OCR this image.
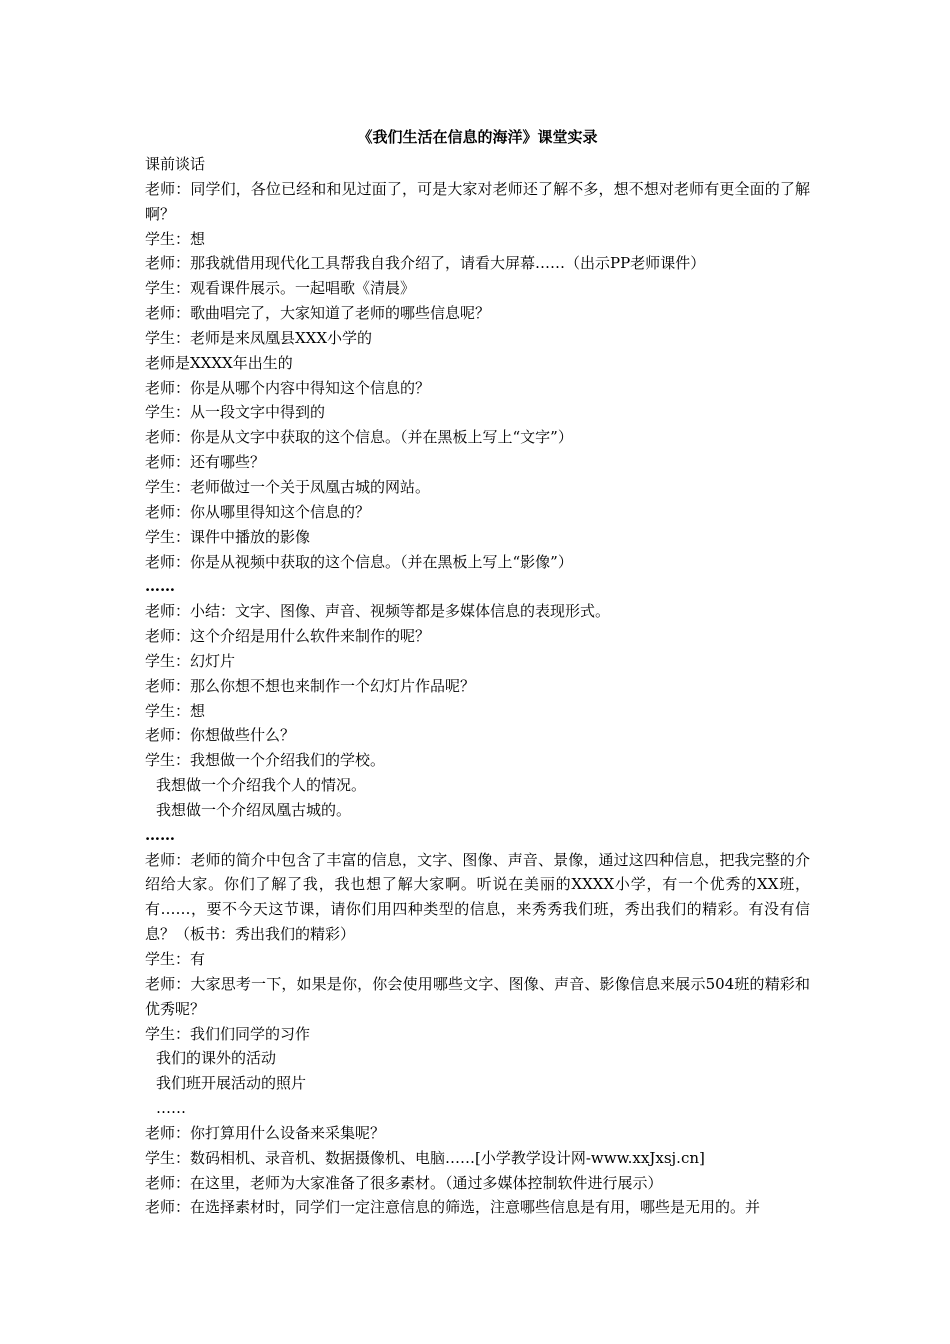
《我们生活在信息的海洋》课堂实录

课前谈话

老师：同学们，各位已经和和见过面了，可是大家对老师还了解不多，想不想对老师有更全面的了解啊？

学生：想

老师：那我就借用现代化工具帮我自我介绍了，请看大屏幕……（出示PP老师课件）

学生：观看课件展示。一起唱歌《清晨》

老师：歌曲唱完了，大家知道了老师的哪些信息呢？

学生：老师是来凤凰县XXX小学的

老师是XXXX年出生的

老师：你是从哪个内容中得知这个信息的？

学生：从一段文字中得到的

老师：你是从文字中获取的这个信息。（并在黑板上写上“文字”）

老师：还有哪些？

学生：老师做过一个关于凤凰古城的网站。

老师：你从哪里得知这个信息的？

学生：课件中播放的影像

老师：你是从视频中获取的这个信息。（并在黑板上写上“影像”）

……

老师：小结：文字、图像、声音、视频等都是多媒体信息的表现形式。

老师：这个介绍是用什么软件来制作的呢？

学生：幻灯片

老师：那么你想不想也来制作一个幻灯片作品呢？

学生：想

老师：你想做些什么？

学生：我想做一个介绍我们的学校。

我想做一个介绍我个人的情况。

我想做一个介绍凤凰古城的。

……

老师：老师的简介中包含了丰富的信息，文字、图像、声音、景像，通过这四种信息，把我完整的介绍给大家。你们了解了我，我也想了解大家啊。听说在美丽的XXXX小学，有一个优秀的XX班，有……，要不今天这节课，请你们用四种类型的信息，来秀秀我们班，秀出我们的精彩。有没有信息？（板书：秀出我们的精彩）

学生：有

老师：大家思考一下，如果是你，你会使用哪些文字、图像、声音、影像信息来展示504班的精彩和优秀呢？

学生：我们们同学的习作

我们的课外的活动

我们班开展活动的照片

……

老师：你打算用什么设备来采集呢？

学生：数码相机、录音机、数据摄像机、电脑……[小学教学设计网-www.xxJxsj.cn]

老师：在这里，老师为大家准备了很多素材。（通过多媒体控制软件进行展示）

老师：在选择素材时，同学们一定注意信息的筛选，注意哪些信息是有用，哪些是无用的。并
